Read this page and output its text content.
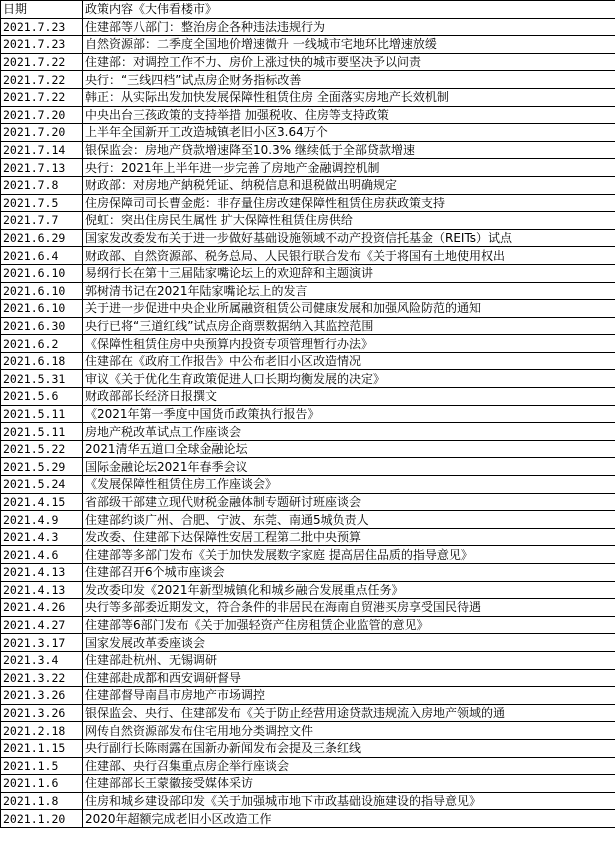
日期	政策内容《大伟看楼市》
2021.7.23	住建部等八部门：整治房企各种违法违规行为
2021.7.23	自然资源部：二季度全国地价增速微升 一线城市宅地环比增速放缓
2021.7.22	住建部：对调控工作不力、房价上涨过快的城市要坚决予以问责
2021.7.22	央行：“三线四档”试点房企财务指标改善
2021.7.22	韩正：从实际出发加快发展保障性租赁住房 全面落实房地产长效机制
2021.7.20	中央出台三孩政策的支持举措 加强税收、住房等支持政策
2021.7.20	上半年全国新开工改造城镇老旧小区3.64万个
2021.7.14	银保监会：房地产贷款增速降至10.3% 继续低于全部贷款增速
2021.7.13	央行：2021年上半年进一步完善了房地产金融调控机制
2021.7.8	财政部：对房地产納税凭证、纳税信息和退税做出明确规定
2021.7.5	住房保障司司长曹金彪：非存量住房改建保障性租赁住房获政策支持
2021.7.7	倪虹：突出住房民生属性 扩大保障性租赁住房供给
2021.6.29	国家发改委发布关于进一步做好基础设施领域不动产投资信托基金（REITs）试点
2021.6.4	财政部、自然资源部、税务总局、人民银行联合发布《关于将国有土地使用权出
2021.6.10	易纲行长在第十三届陆家嘴论坛上的欢迎辞和主题演讲
2021.6.10	郭树清书记在2021年陆家嘴论坛上的发言
2021.6.10	关于进一步促进中央企业所属融资租赁公司健康发展和加强风险防范的通知
2021.6.30	央行已将“三道红线”试点房企商票数据纳入其监控范围
2021.6.2	《保障性租赁住房中央预算内投资专项管理暂行办法》
2021.6.18	住建部在《政府工作报告》中公布老旧小区改造情况
2021.5.31	审议《关于优化生育政策促进人口长期均衡发展的决定》
2021.5.6	财政部部长经济日报撰文
2021.5.11	《2021年第一季度中国货币政策执行报告》
2021.5.11	房地产税改革试点工作座谈会
2021.5.22	2021清华五道口全球金融论坛
2021.5.29	国际金融论坛2021年春季会议
2021.5.24	《发展保障性租赁住房工作座谈会》
2021.4.15	省部级干部建立现代财税金融体制专题研讨班座谈会
2021.4.9	住建部约谈广州、合肥、宁波、东莞、南通5城负责人
2021.4.3	发改委、住建部下达保障性安居工程第二批中央预算
2021.4.6	住建部等多部门发布《关于加快发展数字家庭 提高居住品质的指导意见》
2021.4.13	住建部召开6个城市座谈会
2021.4.13	发改委印发《2021年新型城镇化和城乡融合发展重点任务》
2021.4.26	央行等多部委近期发文，符合条件的非居民在海南自贸港买房享受国民待遇
2021.4.27	住建部等6部门发布《关于加强轻资产住房租赁企业监管的意见》
2021.3.17	国家发展改革委座谈会
2021.3.4	住建部赴杭州、无锡调研
2021.3.22	住建部赴成都和西安调研督导
2021.3.26	住建部督导南昌市房地产市场调控
2021.3.26	银保监会、央行、住建部发布《关于防止经营用途贷款违规流入房地产领域的通
2021.2.18	网传自然资源部发布住宅用地分类调控文件
2021.1.15	央行副行长陈雨露在国新办新闻发布会提及三条红线
2021.1.5	住建部、央行召集重点房企举行座谈会
2021.1.6	住建部部长王蒙徽接受媒体采访
2021.1.8	住房和城乡建设部印发《关于加强城市地下市政基础设施建设的指导意见》
2021.1.20	2020年超额完成老旧小区改造工作
